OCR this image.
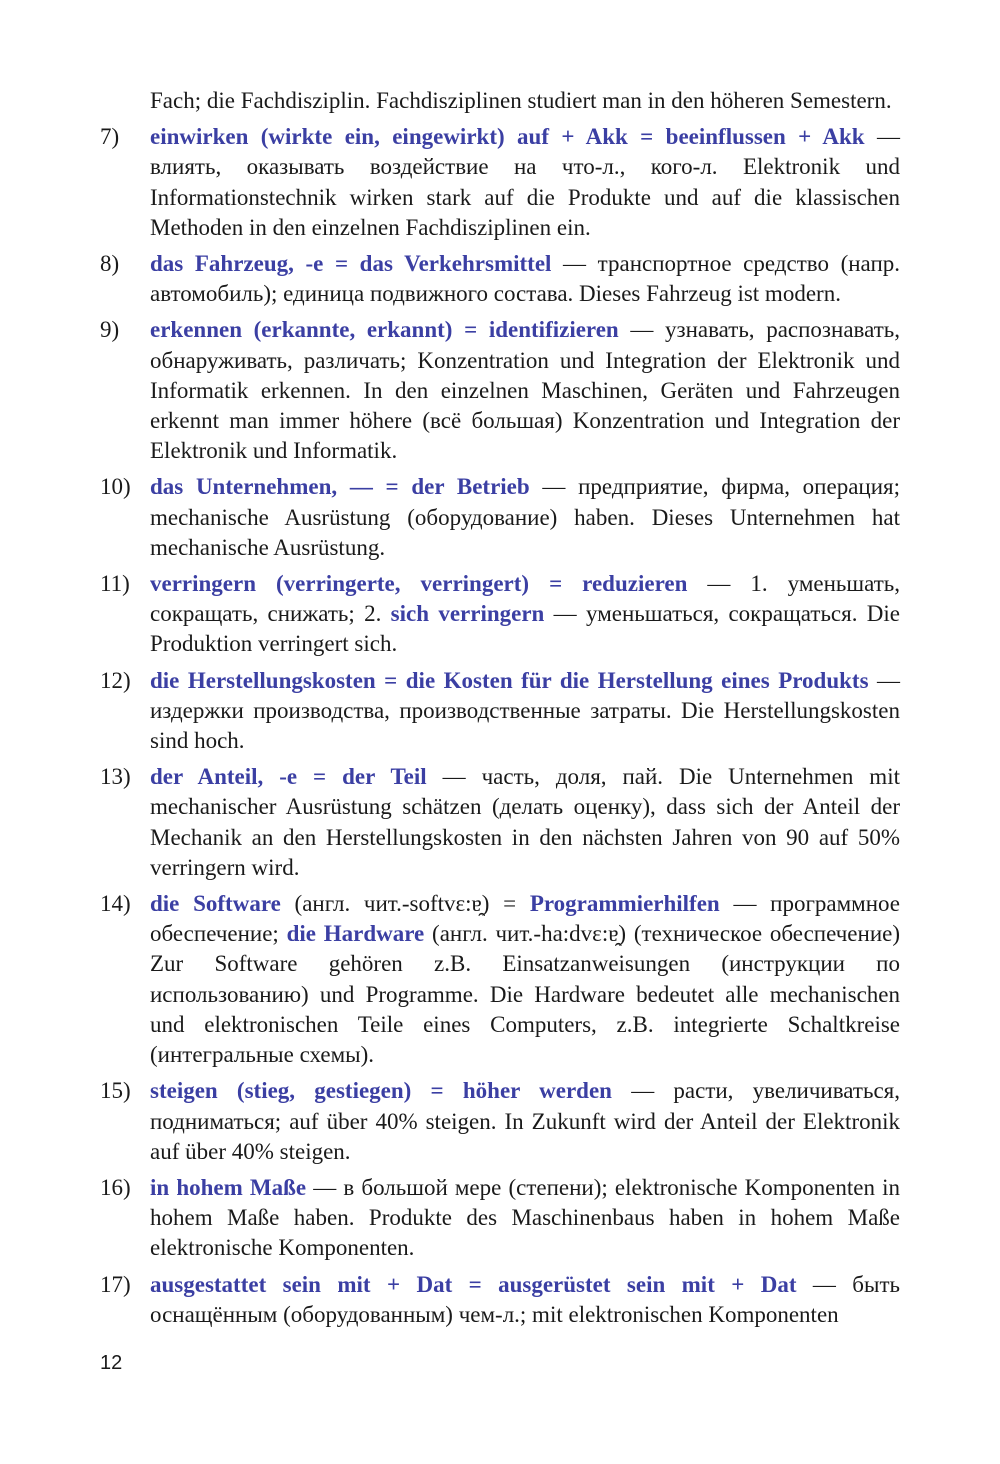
Fach; die Fachdisziplin. Fachdisziplinen studiert man in den höheren Semestern.
7)	einwirken (wirkte ein, eingewirkt) auf + Akk = beeinflussen + Akk — влиять, оказывать воздействие на что-л., кого-л. Elektronik und Informationstechnik wirken stark auf die Produkte und auf die klassischen Methoden in den einzelnen Fachdisziplinen ein.
8)	das Fahrzeug, -e = das Verkehrsmittel — транспортное средство (напр. автомобиль); единица подвижного состава. Dieses Fahrzeug ist modern.
9)	erkennen (erkannte, erkannt) = identifizieren — узнавать, распознавать, обнаруживать, различать; Konzentration und Integration der Elektronik und Informatik erkennen. In den einzelnen Maschinen, Geräten und Fahrzeugen erkennt man immer höhere (всё большая) Konzentration und Integration der Elektronik und Informatik.
10) das Unternehmen, — = der Betrieb — предприятие, фирма, операция; mechanische Ausrüstung (оборудование) haben. Dieses Unternehmen hat mechanische Ausrüstung.
11) verringern (verringerte, verringert) = reduzieren — 1. уменьшать, сокращать, снижать; 2. sich verringern — уменьшаться, сокращаться. Die Produktion verringert sich.
12) die Herstellungskosten = die Kosten für die Herstellung eines Produkts — издержки производства, производственные затраты. Die Herstellungskosten sind hoch.
13) der Anteil, -e = der Teil — часть, доля, пай. Die Unternehmen mit mechanischer Ausrüstung schätzen (делать оценку), dass sich der Anteil der Mechanik an den Herstellungskosten in den nächsten Jahren von 90 auf 50% verringern wird.
14) die Software (англ. чит.-softvɛ:ɐ̯) = Programmierhilfen — программное обеспечение; die Hardware (англ. чит.-ha:dvɛ:ɐ̯) (техническое обеспечение) Zur Software gehören z.B. Einsatzanweisungen (инструкции по использованию) und Programme. Die Hardware bedeutet alle mechanischen und elektronischen Teile eines Computers, z.B. integrierte Schaltkreise (интегральные схемы).
15) steigen (stieg, gestiegen) = höher werden — расти, увеличиваться, подниматься; auf über 40% steigen. In Zukunft wird der Anteil der Elektronik auf über 40% steigen.
16) in hohem Maße — в большой мере (степени); elektronische Komponenten in hohem Maße haben. Produkte des Maschinenbaus haben in hohem Maße elektronische Komponenten.
17) ausgestattet sein mit + Dat = ausgerüstet sein mit + Dat — быть оснащённым (оборудованным) чем-л.; mit elektronischen Komponenten
12
